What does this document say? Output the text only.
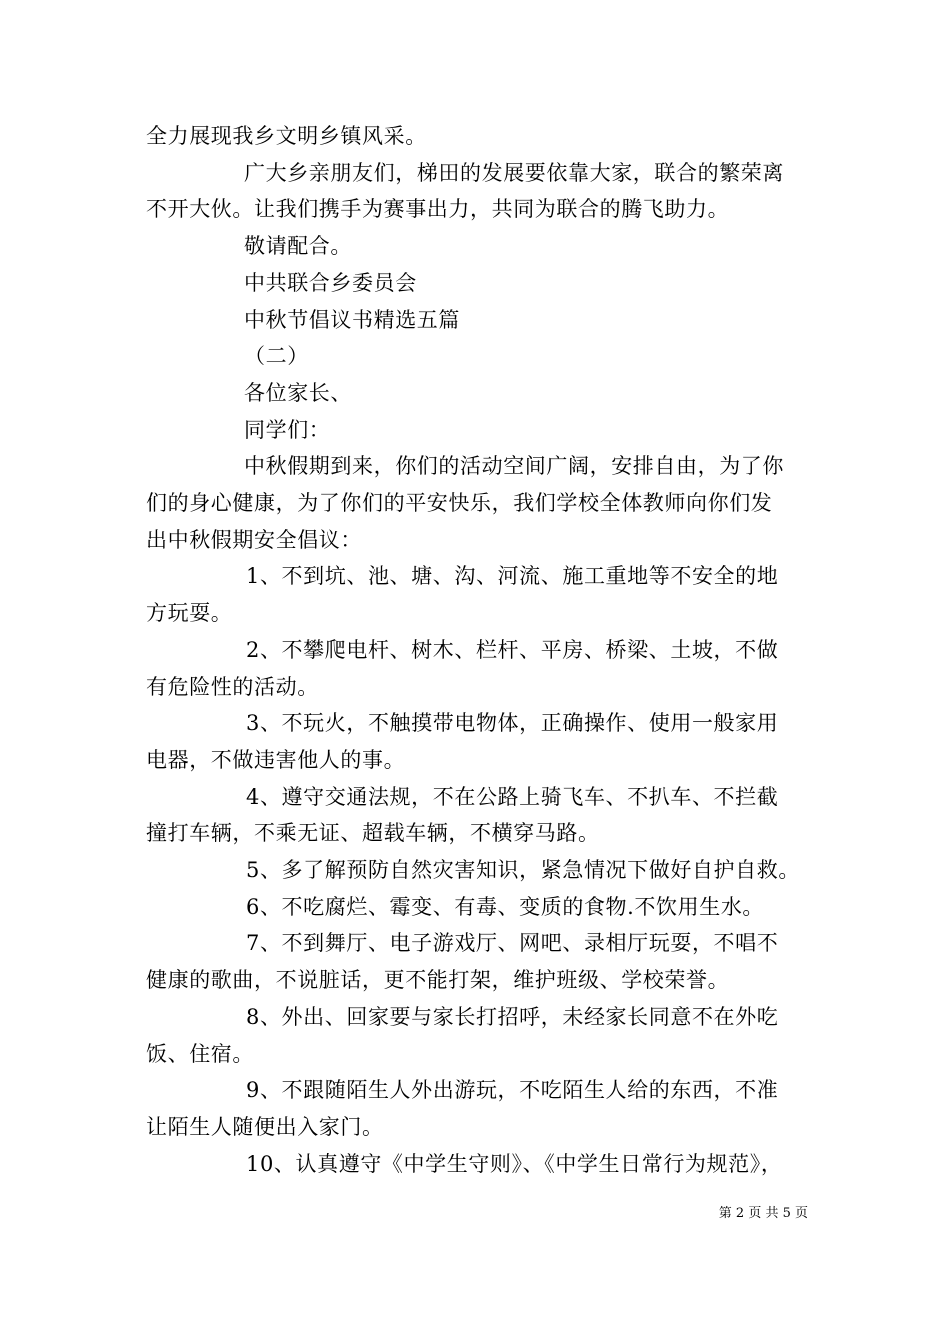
全力展现我乡文明乡镇风采。

广大乡亲朋友们，梯田的发展要依靠大家，联合的繁荣离

不开大伙。让我们携手为赛事出力，共同为联合的腾飞助力。

敬请配合。

中共联合乡委员会

中秋节倡议书精选五篇

（二）

各位家长、

同学们：

中秋假期到来，你们的活动空间广阔，安排自由，为了你

们的身心健康，为了你们的平安快乐，我们学校全体教师向你们发

出中秋假期安全倡议：

1、不到坑、池、塘、沟、河流、施工重地等不安全的地

方玩耍。

2、不攀爬电杆、树木、栏杆、平房、桥梁、土坡，不做

有危险性的活动。

3、不玩火，不触摸带电物体，正确操作、使用一般家用

电器，不做违害他人的事。

4、遵守交通法规，不在公路上骑飞车、不扒车、不拦截

撞打车辆，不乘无证、超载车辆，不横穿马路。

5、多了解预防自然灾害知识，紧急情况下做好自护自救。

6、不吃腐烂、霉变、有毒、变质的食物.不饮用生水。

7、不到舞厅、电子游戏厅、网吧、录相厅玩耍，不唱不

健康的歌曲，不说脏话，更不能打架，维护班级、学校荣誉。

8、外出、回家要与家长打招呼，未经家长同意不在外吃

饭、住宿。

9、不跟随陌生人外出游玩，不吃陌生人给的东西，不准

让陌生人随便出入家门。

10、认真遵守《中学生守则》、《中学生日常行为规范》，

第 2 页 共 5 页
